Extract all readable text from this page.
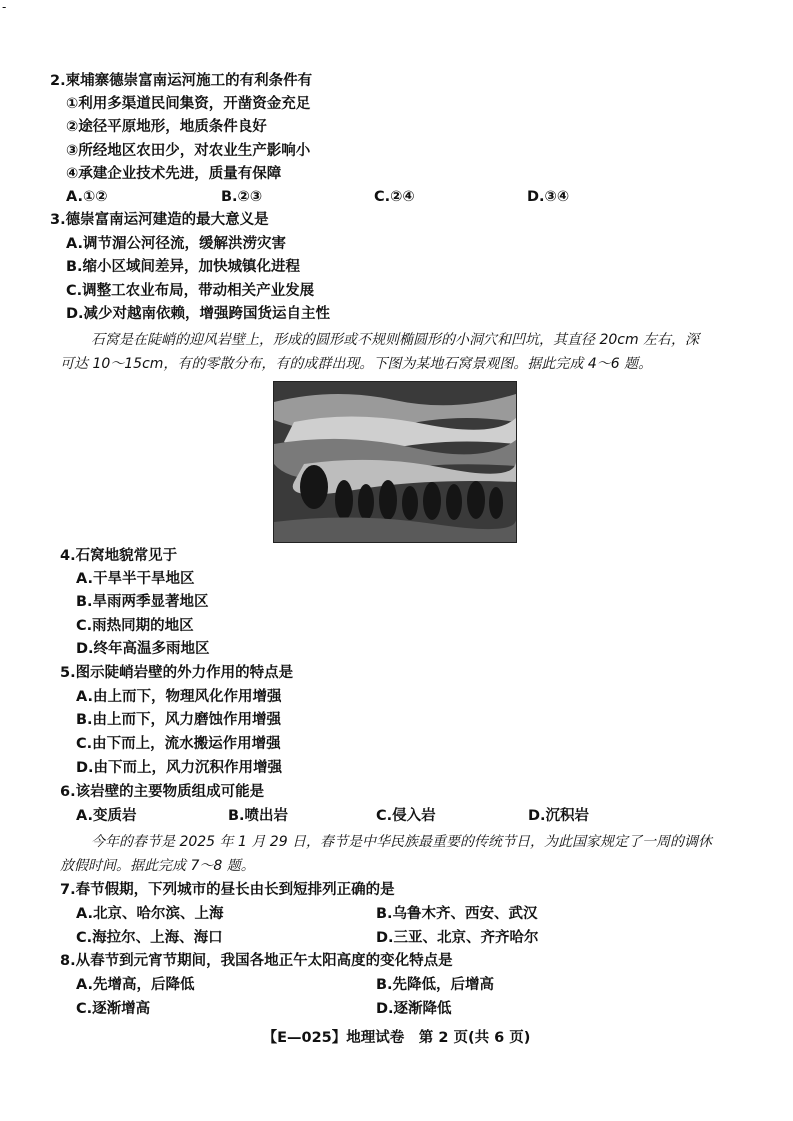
-
2.柬埔寨德崇富南运河施工的有利条件有
①利用多渠道民间集资，开凿资金充足
②途径平原地形，地质条件良好
③所经地区农田少，对农业生产影响小
④承建企业技术先进，质量有保障
A.①②	B.②③	C.②④	D.③④
3.德崇富南运河建造的最大意义是
A.调节湄公河径流，缓解洪涝灾害
B.缩小区域间差异，加快城镇化进程
C.调整工农业布局，带动相关产业发展
D.减少对越南依赖，增强跨国货运自主性
石窝是在陡峭的迎风岩壁上，形成的圆形或不规则椭圆形的小洞穴和凹坑，其直径 20cm 左右，深
可达 10～15cm，有的零散分布，有的成群出现。下图为某地石窝景观图。据此完成 4～6 题。
4.石窝地貌常见于
A.干旱半干旱地区
B.旱雨两季显著地区
C.雨热同期的地区
D.终年高温多雨地区
5.图示陡峭岩壁的外力作用的特点是
A.由上而下，物理风化作用增强
B.由上而下，风力磨蚀作用增强
C.由下而上，流水搬运作用增强
D.由下而上，风力沉积作用增强
6.该岩壁的主要物质组成可能是
A.变质岩	B.喷出岩	C.侵入岩	D.沉积岩
今年的春节是 2025 年 1 月 29 日，春节是中华民族最重要的传统节日，为此国家规定了一周的调休
放假时间。据此完成 7～8 题。
7.春节假期，下列城市的昼长由长到短排列正确的是
A.北京、哈尔滨、上海	B.乌鲁木齐、西安、武汉
C.海拉尔、上海、海口	D.三亚、北京、齐齐哈尔
8.从春节到元宵节期间，我国各地正午太阳高度的变化特点是
A.先增高，后降低	B.先降低，后增高
C.逐渐增高	D.逐渐降低
【E—025】地理试卷　第 2 页(共 6 页)
